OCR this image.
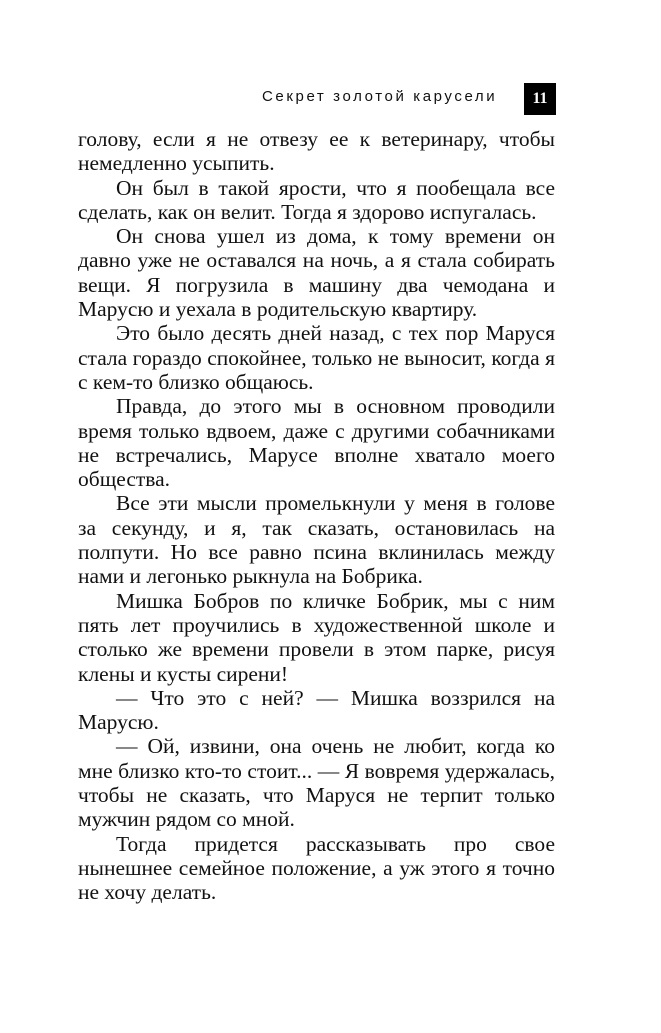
Секрет золотой карусели	11

голову, если я не отвезу ее к ветеринару, чтобы немедленно усыпить.

Он был в такой ярости, что я пообещала все сделать, как он велит. Тогда я здорово испугалась.

Он снова ушел из дома, к тому времени он давно уже не оставался на ночь, а я стала собирать вещи. Я погрузила в машину два чемодана и Марусю и уехала в родительскую квартиру.

Это было десять дней назад, с тех пор Маруся стала гораздо спокойнее, только не выносит, когда я с кем-то близко общаюсь.

Правда, до этого мы в основном проводили время только вдвоем, даже с другими собачниками не встречались, Марусе вполне хватало моего общества.

Все эти мысли промелькнули у меня в голове за секунду, и я, так сказать, остановилась на полпути. Но все равно псина вклинилась между нами и легонько рыкнула на Бобрика.

Мишка Бобров по кличке Бобрик, мы с ним пять лет проучились в художественной школе и столько же времени провели в этом парке, рисуя клены и кусты сирени!

— Что это с ней? — Мишка воззрился на Марусю.

— Ой, извини, она очень не любит, когда ко мне близко кто-то стоит... — Я вовремя удержалась, чтобы не сказать, что Маруся не терпит только мужчин рядом со мной.

Тогда придется рассказывать про свое нынешнее семейное положение, а уж этого я точно не хочу делать.
